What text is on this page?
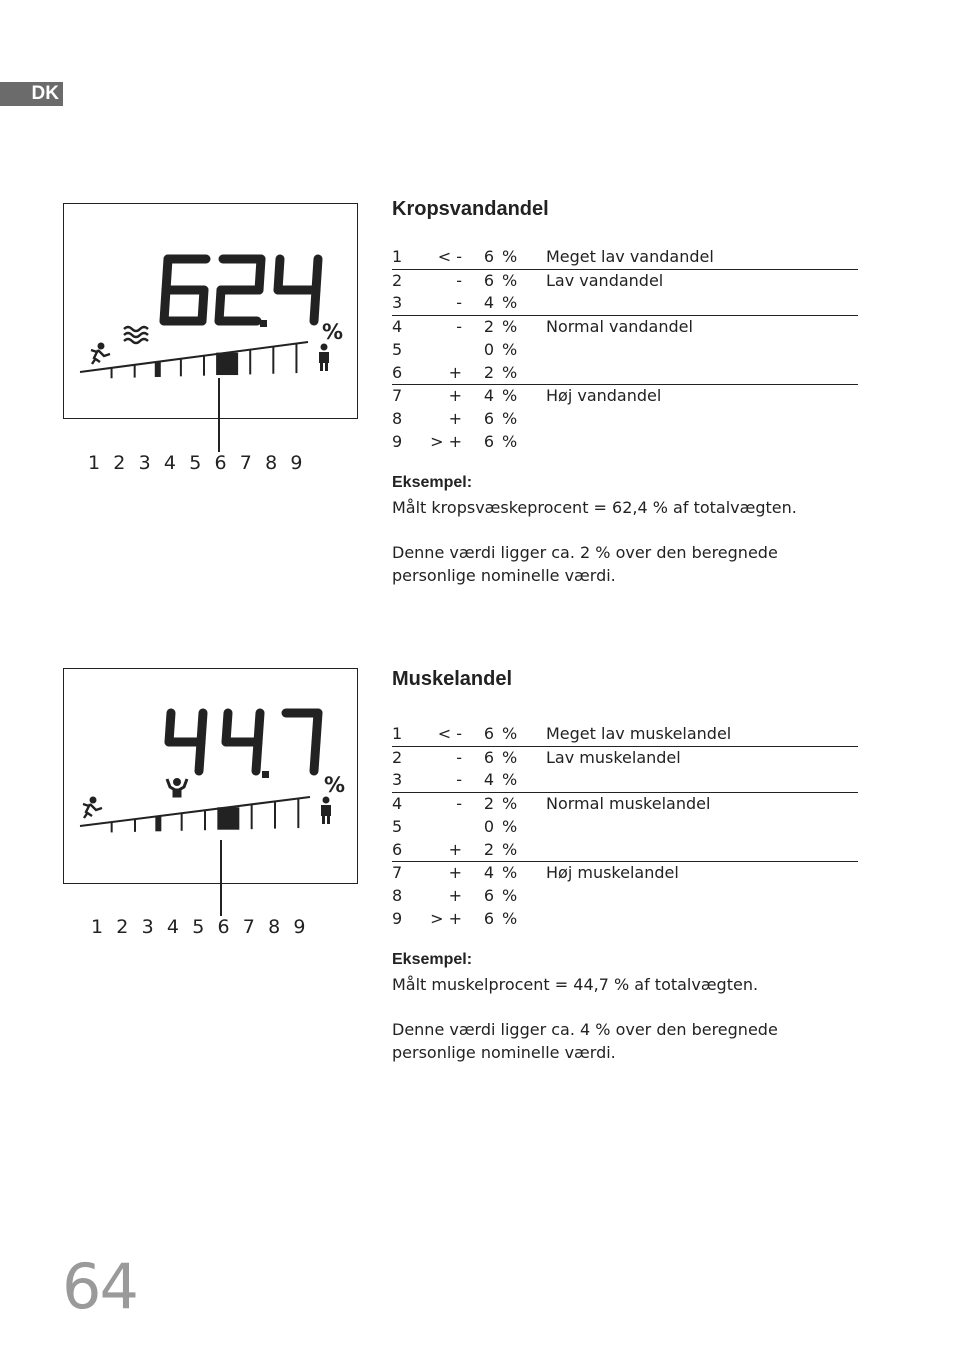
DK
%
1 2 3 4 5 6 7 8 9
Kropsvandandel
1	< -	6	%	Meget lav vandandel
2	-	6	%	Lav vandandel
3	-	4	%	
4	-	2	%	Normal vandandel
5		0	%	
6	+	2	%	
7	+	4	%	Høj vandandel
8	+	6	%	
9	> +	6	%	
Eksempel:
Målt kropsvæskeprocent = 62,4 % af totalvægten.
Denne værdi ligger ca. 2 % over den beregnede personlige nominelle værdi.
%
1 2 3 4 5 6 7 8 9
Muskelandel
1	< -	6	%	Meget lav muskelandel
2	-	6	%	Lav muskelandel
3	-	4	%	
4	-	2	%	Normal muskelandel
5		0	%	
6	+	2	%	
7	+	4	%	Høj muskelandel
8	+	6	%	
9	> +	6	%	
Eksempel:
Målt muskelprocent = 44,7 % af totalvægten.
Denne værdi ligger ca. 4 % over den beregnede personlige nominelle værdi.
64
